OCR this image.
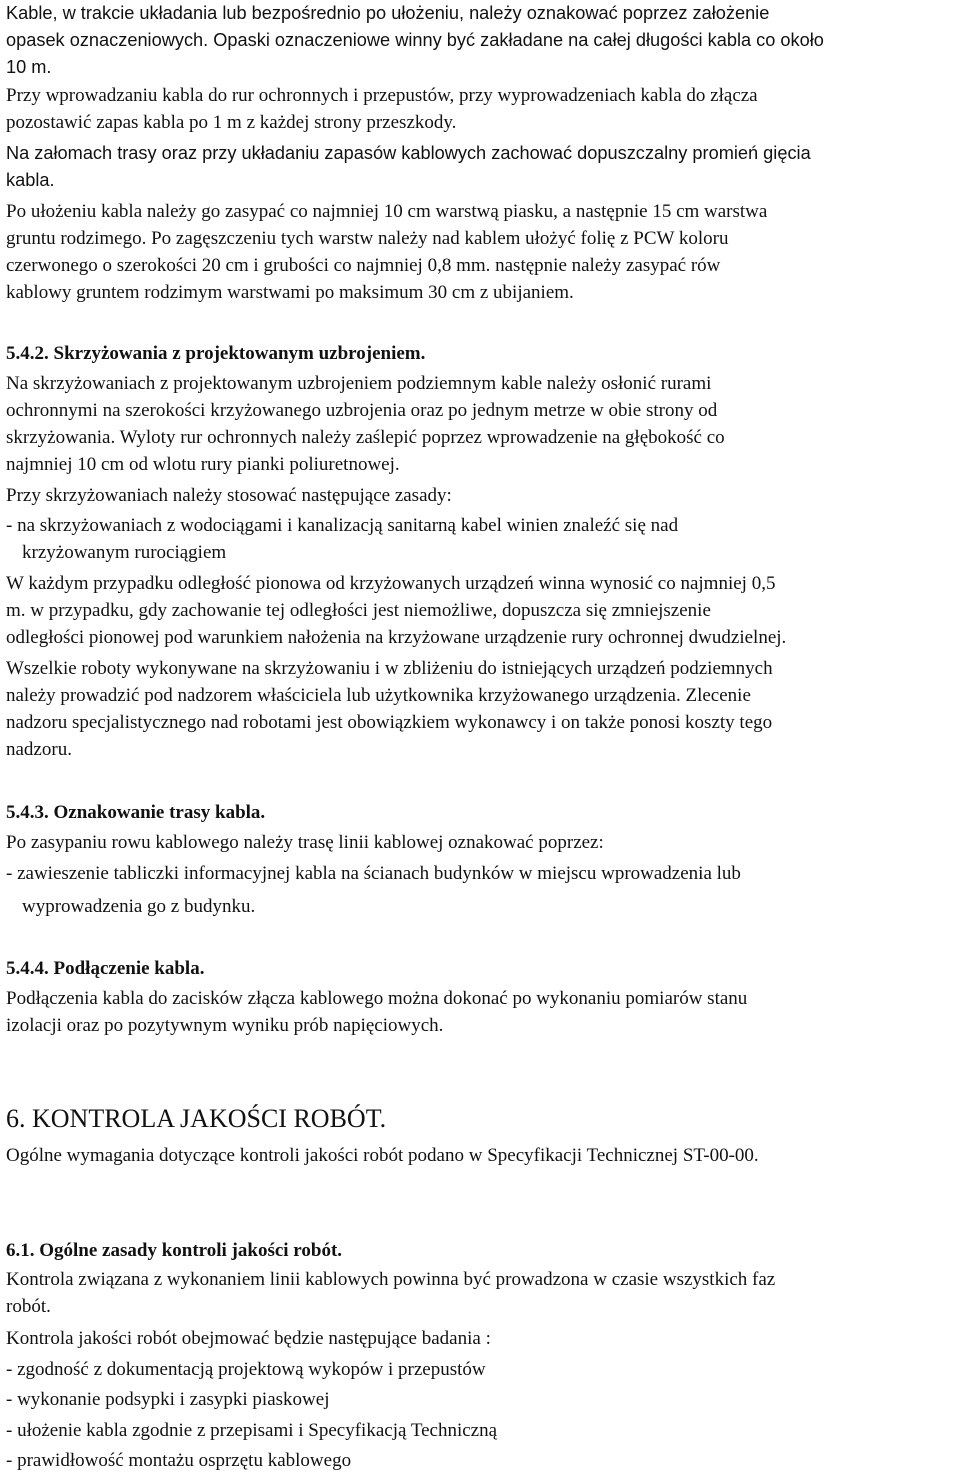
Kable, w trakcie układania lub bezpośrednio po ułożeniu, należy oznakować poprzez założenie
opasek oznaczeniowych. Opaski oznaczeniowe winny być zakładane na całej długości kabla co około
10 m.
Przy wprowadzaniu kabla do rur ochronnych i przepustów, przy wyprowadzeniach kabla do złącza
pozostawić zapas kabla po 1 m z każdej strony przeszkody.
Na załomach trasy oraz przy układaniu zapasów kablowych zachować dopuszczalny promień gięcia
kabla.
Po ułożeniu kabla należy go zasypać co najmniej 10 cm warstwą piasku, a następnie 15 cm warstwa
gruntu rodzimego. Po zagęszczeniu tych warstw należy nad kablem ułożyć folię z PCW koloru
czerwonego o szerokości 20 cm i grubości co najmniej 0,8 mm. następnie należy zasypać rów
kablowy gruntem rodzimym warstwami po maksimum 30 cm z ubijaniem.
5.4.2. Skrzyżowania z projektowanym uzbrojeniem.
Na skrzyżowaniach z projektowanym uzbrojeniem podziemnym kable należy osłonić rurami
ochronnymi na szerokości krzyżowanego uzbrojenia oraz po jednym metrze w obie strony od
skrzyżowania. Wyloty rur ochronnych należy zaślepić poprzez wprowadzenie na głębokość co
najmniej 10 cm od wlotu rury pianki poliuretnowej.
Przy skrzyżowaniach należy stosować następujące zasady:
- na skrzyżowaniach z wodociągami i kanalizacją sanitarną kabel winien znaleźć się nad
krzyżowanym rurociągiem
W każdym przypadku odległość pionowa od krzyżowanych urządzeń winna wynosić co najmniej 0,5
m. w przypadku, gdy zachowanie tej odległości jest niemożliwe, dopuszcza się zmniejszenie
odległości pionowej pod warunkiem nałożenia na krzyżowane urządzenie rury ochronnej dwudzielnej.
Wszelkie roboty wykonywane na skrzyżowaniu i w zbliżeniu do istniejących urządzeń podziemnych
należy prowadzić pod nadzorem właściciela lub użytkownika krzyżowanego urządzenia. Zlecenie
nadzoru specjalistycznego nad robotami jest obowiązkiem wykonawcy i on także ponosi koszty tego
nadzoru.
5.4.3. Oznakowanie trasy kabla.
Po zasypaniu rowu kablowego należy trasę linii kablowej oznakować poprzez:
- zawieszenie tabliczki informacyjnej kabla na ścianach budynków w miejscu wprowadzenia lub
wyprowadzenia go z budynku.
5.4.4. Podłączenie kabla.
Podłączenia kabla do zacisków złącza kablowego można dokonać po wykonaniu pomiarów stanu
izolacji oraz po pozytywnym wyniku prób napięciowych.
6. KONTROLA JAKOŚCI ROBÓT.
Ogólne wymagania dotyczące kontroli jakości robót podano w Specyfikacji Technicznej ST-00-00.
6.1. Ogólne zasady kontroli jakości robót.
Kontrola związana z wykonaniem linii kablowych powinna być prowadzona w czasie wszystkich faz
robót.
Kontrola jakości robót obejmować będzie następujące badania :
- zgodność z dokumentacją projektową wykopów i przepustów
- wykonanie podsypki i zasypki piaskowej
- ułożenie kabla zgodnie z przepisami i Specyfikacją Techniczną
- prawidłowość montażu osprzętu kablowego
